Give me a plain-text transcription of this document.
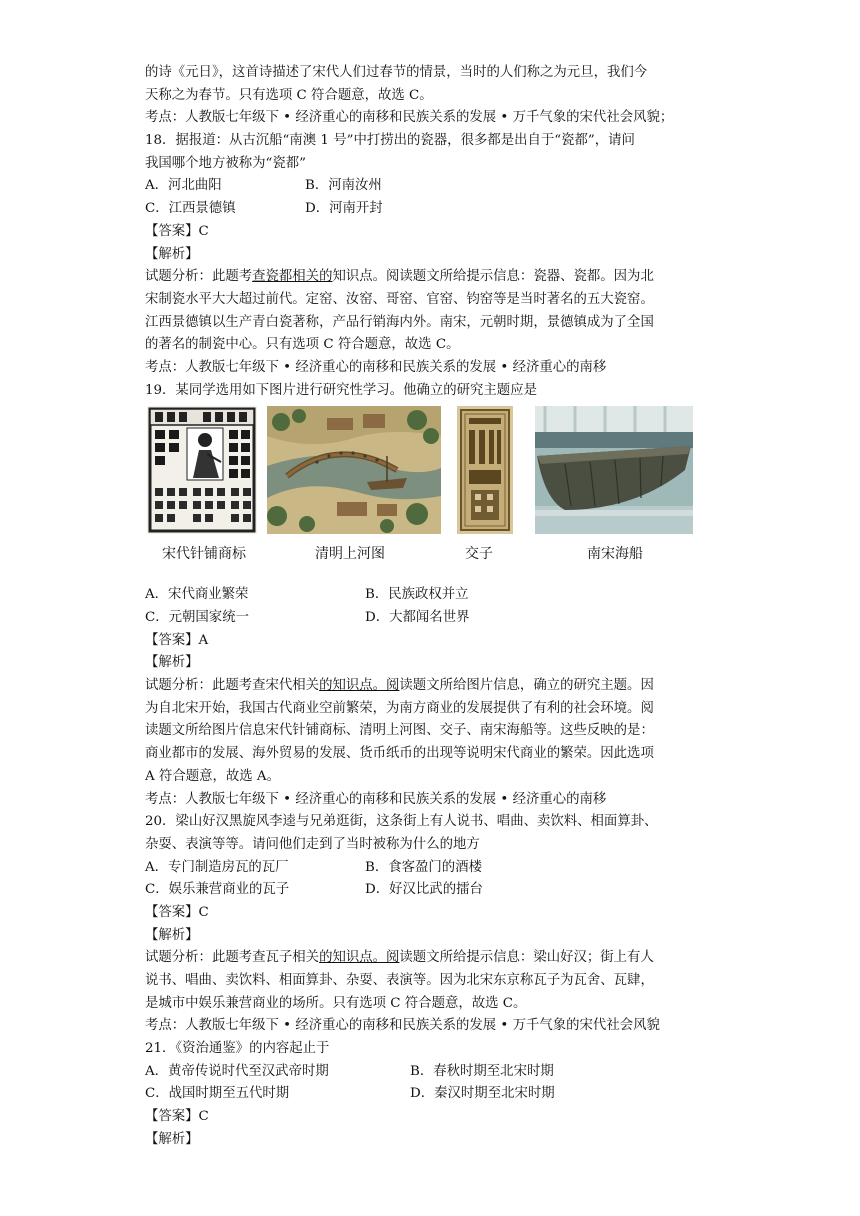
的诗《元日》，这首诗描述了宋代人们过春节的情景，当时的人们称之为元旦，我们今
天称之为春节。只有选项 C 符合题意，故选 C。
考点：人教版七年级下 • 经济重心的南移和民族关系的发展 • 万千气象的宋代社会风貌；
18．据报道：从古沉船“南澳 1 号”中打捞出的瓷器，很多都是出自于“瓷都”，请问
我国哪个地方被称为“瓷都”
A．河北曲阳	B．河南汝州
C．江西景德镇	D．河南开封
【答案】C
【解析】
试题分析：此题考查瓷都相关的知识点。阅读题文所给提示信息：瓷器、瓷都。因为北
宋制瓷水平大大超过前代。定窑、汝窑、哥窑、官窑、钧窑等是当时著名的五大瓷窑。
江西景德镇以生产青白瓷著称，产品行销海内外。南宋，元朝时期，景德镇成为了全国
的著名的制瓷中心。只有选项 C 符合题意，故选 C。
考点：人教版七年级下 • 经济重心的南移和民族关系的发展 • 经济重心的南移
19．某同学选用如下图片进行研究性学习。他确立的研究主题应是
宋代针铺商标	清明上河图	交子	南宋海船
A．宋代商业繁荣	B．民族政权并立
C．元朝国家统一	D．大都闻名世界
【答案】A
【解析】
试题分析：此题考查宋代相关的知识点。阅读题文所给图片信息，确立的研究主题。因
为自北宋开始，我国古代商业空前繁荣，为南方商业的发展提供了有利的社会环境。阅
读题文所给图片信息宋代针铺商标、清明上河图、交子、南宋海船等。这些反映的是：
商业都市的发展、海外贸易的发展、货币纸币的出现等说明宋代商业的繁荣。因此选项
A 符合题意，故选 A。
考点：人教版七年级下 • 经济重心的南移和民族关系的发展 • 经济重心的南移
20．梁山好汉黑旋风李逵与兄弟逛街，这条街上有人说书、唱曲、卖饮料、相面算卦、
杂耍、表演等等。请问他们走到了当时被称为什么的地方
A．专门制造房瓦的瓦厂	B．食客盈门的酒楼
C．娱乐兼营商业的瓦子	D．好汉比武的擂台
【答案】C
【解析】
试题分析：此题考查瓦子相关的知识点。阅读题文所给提示信息：梁山好汉；街上有人
说书、唱曲、卖饮料、相面算卦、杂耍、表演等。因为北宋东京称瓦子为瓦舍、瓦肆，
是城市中娱乐兼营商业的场所。只有选项 C 符合题意，故选 C。
考点：人教版七年级下 • 经济重心的南移和民族关系的发展 • 万千气象的宋代社会风貌
21．《资治通鉴》的内容起止于
A．黄帝传说时代至汉武帝时期	B．春秋时期至北宋时期
C．战国时期至五代时期	D．秦汉时期至北宋时期
【答案】C
【解析】
